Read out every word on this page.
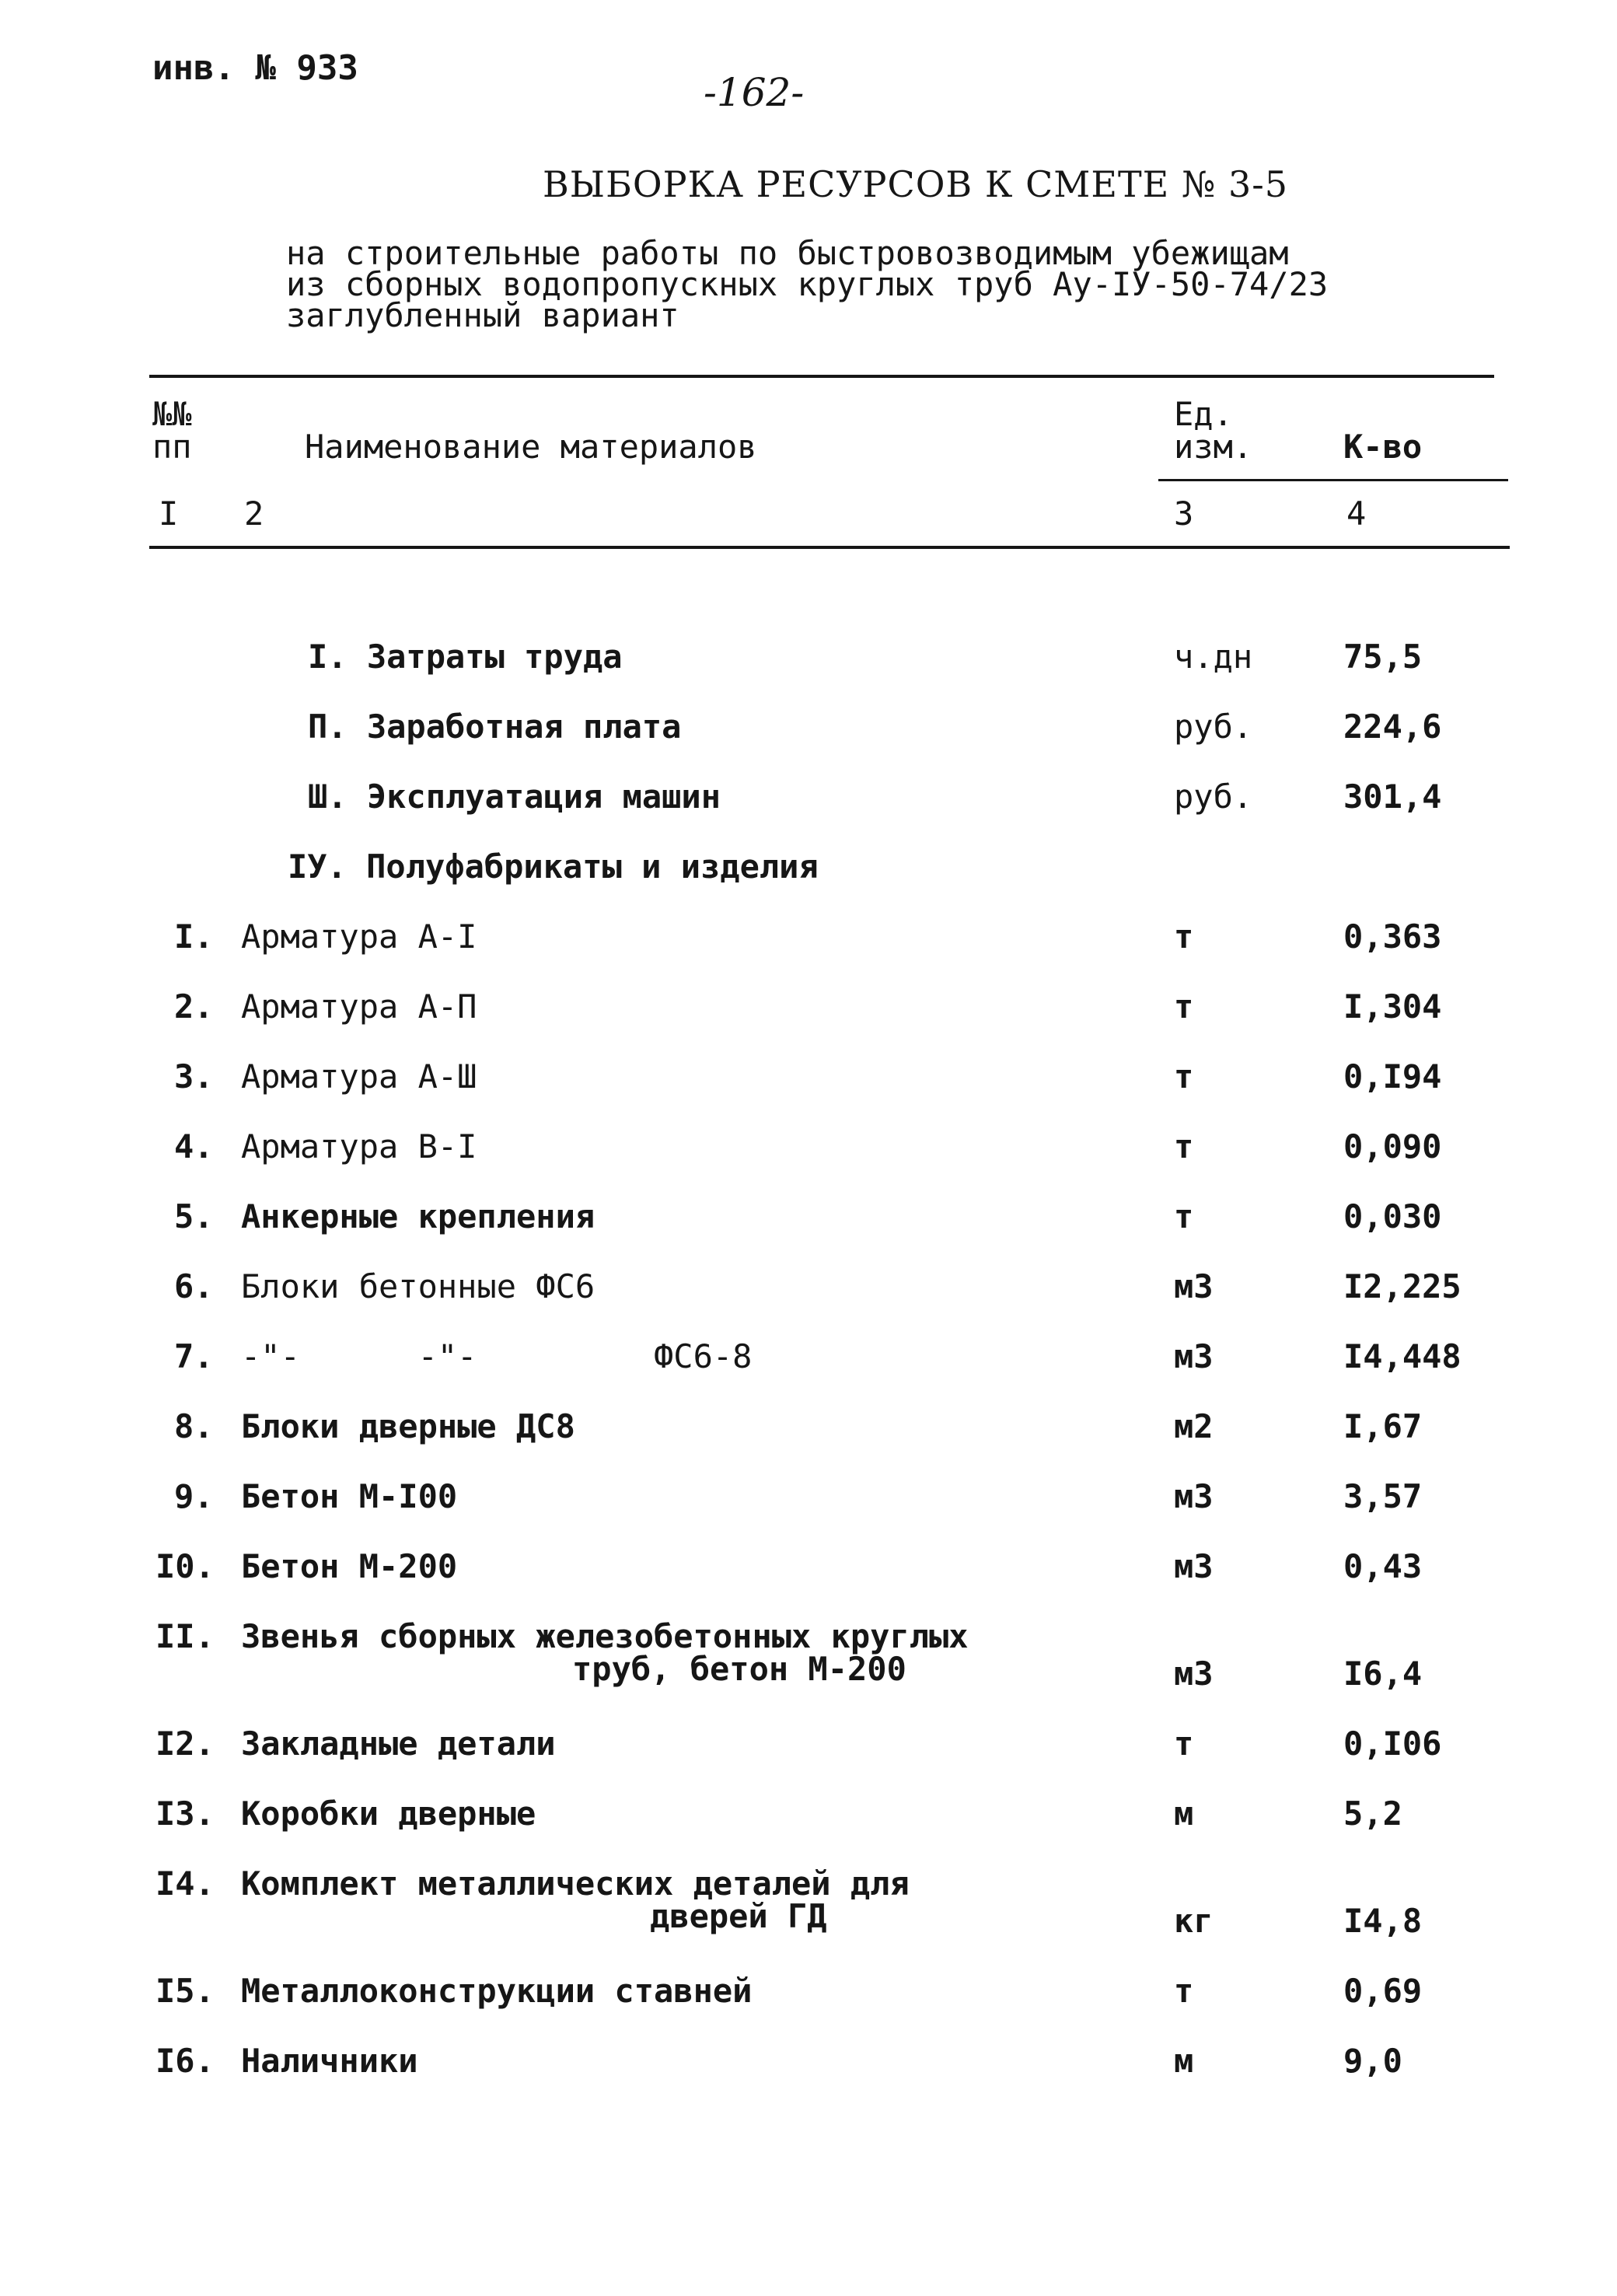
инв. № 933
-162-
ВЫБОРКА РЕСУРСОВ К СМЕТЕ № 3-5
на строительные работы по быстровозводимым убежищам
из сборных водопропускных круглых труб Ау-IУ-50-74/23
заглубленный вариант
№№
пп	Наименование материалов
Ед.
изм.	К-во
I 2	3	4
I. Затраты труда	ч.дн	75,5
П. Заработная плата	руб.	224,6
Ш. Эксплуатация машин	руб.	301,4
IУ. Полуфабрикаты и изделия
I. Арматура А-I	т	0,363
2. Арматура А-П	т	I,304
3. Арматура А-Ш	т	0,I94
4. Арматура В-I	т	0,090
5. Анкерные крепления	т	0,030
6. Блоки бетонные ФС6	м3	I2,225
7. -"-      -"-         ФС6-8	м3	I4,448
8. Блоки дверные ДС8	м2	I,67
9. Бетон М-I00	м3	3,57
I0. Бетон М-200	м3	0,43
II. Звенья сборных железобетонных круглых
труб, бетон М-200	м3	I6,4
I2. Закладные детали	т	0,I06
I3. Коробки дверные	м	5,2
I4. Комплект металлических деталей для
дверей ГД	кг	I4,8
I5. Металлоконструкции ставней	т	0,69
I6. Наличники	м	9,0
